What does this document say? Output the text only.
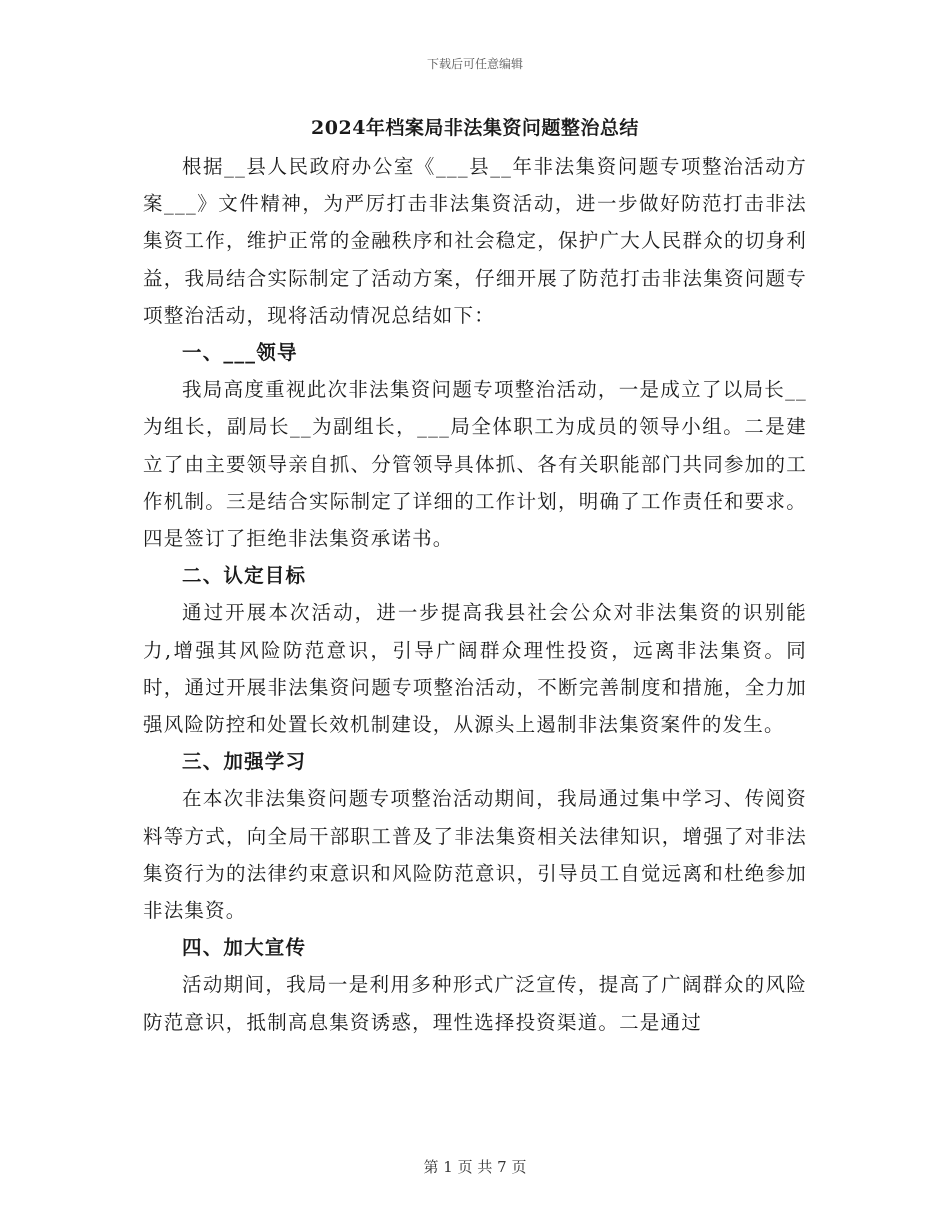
下载后可任意编辑
2024年档案局非法集资问题整治总结

根据__县人民政府办公室《___县__年非法集资问题专项整治活动方案___》文件精神，为严厉打击非法集资活动，进一步做好防范打击非法集资工作，维护正常的金融秩序和社会稳定，保护广大人民群众的切身利益，我局结合实际制定了活动方案，仔细开展了防范打击非法集资问题专项整治活动，现将活动情况总结如下：

一、___领导

我局高度重视此次非法集资问题专项整治活动，一是成立了以局长__为组长，副局长__为副组长，___局全体职工为成员的领导小组。二是建立了由主要领导亲自抓、分管领导具体抓、各有关职能部门共同参加的工作机制。三是结合实际制定了详细的工作计划，明确了工作责任和要求。四是签订了拒绝非法集资承诺书。

二、认定目标

通过开展本次活动，进一步提高我县社会公众对非法集资的识别能力,增强其风险防范意识，引导广阔群众理性投资，远离非法集资。同时，通过开展非法集资问题专项整治活动，不断完善制度和措施，全力加强风险防控和处置长效机制建设，从源头上遏制非法集资案件的发生。

三、加强学习

在本次非法集资问题专项整治活动期间，我局通过集中学习、传阅资料等方式，向全局干部职工普及了非法集资相关法律知识，增强了对非法集资行为的法律约束意识和风险防范意识，引导员工自觉远离和杜绝参加非法集资。

四、加大宣传

活动期间，我局一是利用多种形式广泛宣传，提高了广阔群众的风险防范意识，抵制高息集资诱惑，理性选择投资渠道。二是通过

第 1 页 共 7 页
